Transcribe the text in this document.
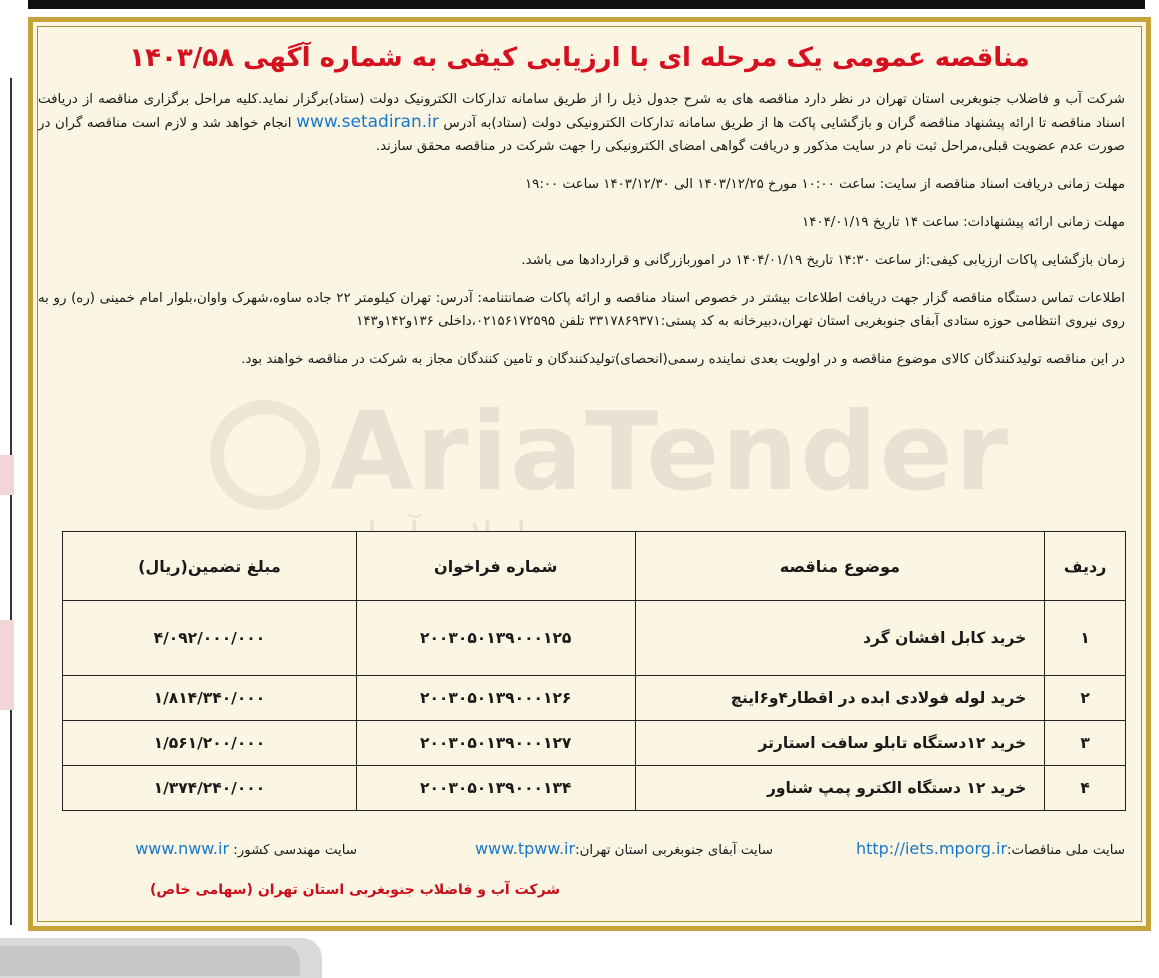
مناقصه عمومی یک مرحله ای با ارزیابی کیفی به شماره آگهی ۱۴۰۳/۵۸

شرکت آب و فاضلاب جنوبغربی استان تهران در نظر دارد مناقصه های به شرح جدول ذیل را از طریق سامانه تدارکات الکترونیک دولت (ستاد)برگزار نماید.کلیه مراحل برگزاری مناقصه از دریافت اسناد مناقصه تا ارائه پیشنهاد مناقصه گران و بازگشایی پاکت ها از طریق سامانه تدارکات الکترونیکی دولت (ستاد)به آدرس www.setadiran.ir انجام خواهد شد و لازم است مناقصه گران در صورت عدم عضویت قبلی،مراحل ثبت نام در سایت مذکور و دریافت گواهی امضای الکترونیکی را جهت شرکت در مناقصه محقق سازند.

مهلت زمانی دریافت اسناد مناقصه از سایت: ساعت ۱۰:۰۰ مورخ ۱۴۰۳/۱۲/۲۵ الی ۱۴۰۳/۱۲/۳۰ ساعت ۱۹:۰۰

مهلت زمانی ارائه پیشنهادات: ساعت ۱۴ تاریخ ۱۴۰۴/۰۱/۱۹

زمان بازگشایی پاکات ارزیابی کیفی:از ساعت ۱۴:۳۰ تاریخ ۱۴۰۴/۰۱/۱۹ در اموربازرگانی و قراردادها می باشد.

اطلاعات تماس دستگاه مناقصه گزار جهت دریافت اطلاعات بیشتر در خصوص اسناد مناقصه و ارائه پاکات ضمانتنامه: آدرس: تهران کیلومتر ۲۲ جاده ساوه،شهرک واوان،بلوار امام خمینی (ره) رو به روی نیروی انتظامی حوزه ستادی آبفای جنوبغربی استان تهران،دبیرخانه به کد پستی:۳۳۱۷۸۶۹۳۷۱ تلفن ۰۲۱۵۶۱۷۲۵۹۵،داخلی ۱۳۶و۱۴۲و۱۴۳

در این مناقصه تولیدکنندگان کالای موضوع مناقصه و در اولویت بعدی نماینده رسمی(انحصای)تولیدکنندگان و تامین کنندگان مجاز به شرکت در مناقصه خواهند بود.

ردیف	موضوع مناقصه	شماره فراخوان	مبلغ تضمین(ریال)
۱	خرید کابل افشان گرد	۲۰۰۳۰۵۰۱۳۹۰۰۰۱۲۵	۴/۰۹۲/۰۰۰/۰۰۰
۲	خرید لوله فولادی ابده در اقطار۴و۶اینچ	۲۰۰۳۰۵۰۱۳۹۰۰۰۱۲۶	۱/۸۱۴/۳۴۰/۰۰۰
۳	خرید ۱۲دستگاه تابلو سافت استارتر	۲۰۰۳۰۵۰۱۳۹۰۰۰۱۲۷	۱/۵۶۱/۲۰۰/۰۰۰
۴	خرید ۱۲ دستگاه الکترو پمپ شناور	۲۰۰۳۰۵۰۱۳۹۰۰۰۱۳۴	۱/۳۷۴/۲۴۰/۰۰۰
سایت ملی مناقصات:http://iets.mporg.ir
سایت آبفای جنوبغربی استان تهران:www.tpww.ir
سایت مهندسی کشور: www.nww.ir
شرکت آب و فاضلاب جنوبغربی استان تهران (سهامی خاص)
